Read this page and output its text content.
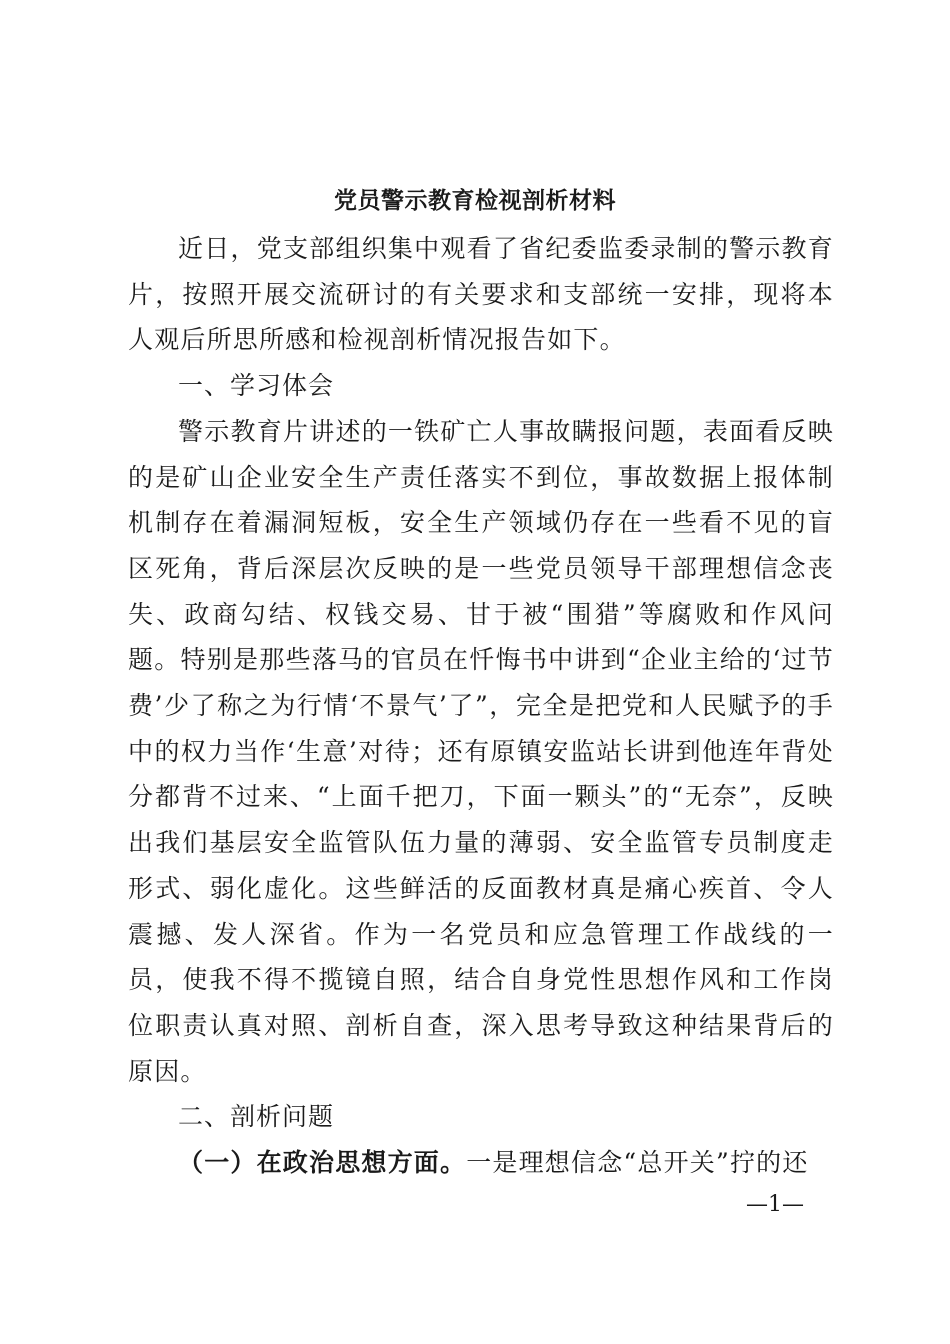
党员警示教育检视剖析材料

近日，党支部组织集中观看了省纪委监委录制的警示教育片，按照开展交流研讨的有关要求和支部统一安排，现将本人观后所思所感和检视剖析情况报告如下。

一、学习体会

警示教育片讲述的一铁矿亡人事故瞒报问题，表面看反映的是矿山企业安全生产责任落实不到位，事故数据上报体制机制存在着漏洞短板，安全生产领域仍存在一些看不见的盲区死角，背后深层次反映的是一些党员领导干部理想信念丧失、政商勾结、权钱交易、甘于被“围猎”等腐败和作风问题。特别是那些落马的官员在忏悔书中讲到“企业主给的‘过节费’少了称之为行情‘不景气’了”，完全是把党和人民赋予的手中的权力当作‘生意’对待；还有原镇安监站长讲到他连年背处分都背不过来、“上面千把刀，下面一颗头”的“无奈”，反映出我们基层安全监管队伍力量的薄弱、安全监管专员制度走形式、弱化虚化。这些鲜活的反面教材真是痛心疾首、令人震撼、发人深省。作为一名党员和应急管理工作战线的一员，使我不得不揽镜自照，结合自身党性思想作风和工作岗位职责认真对照、剖析自查，深入思考导致这种结果背后的原因。

二、剖析问题

（一）在政治思想方面。一是理想信念“总开关”拧的还

—1—
